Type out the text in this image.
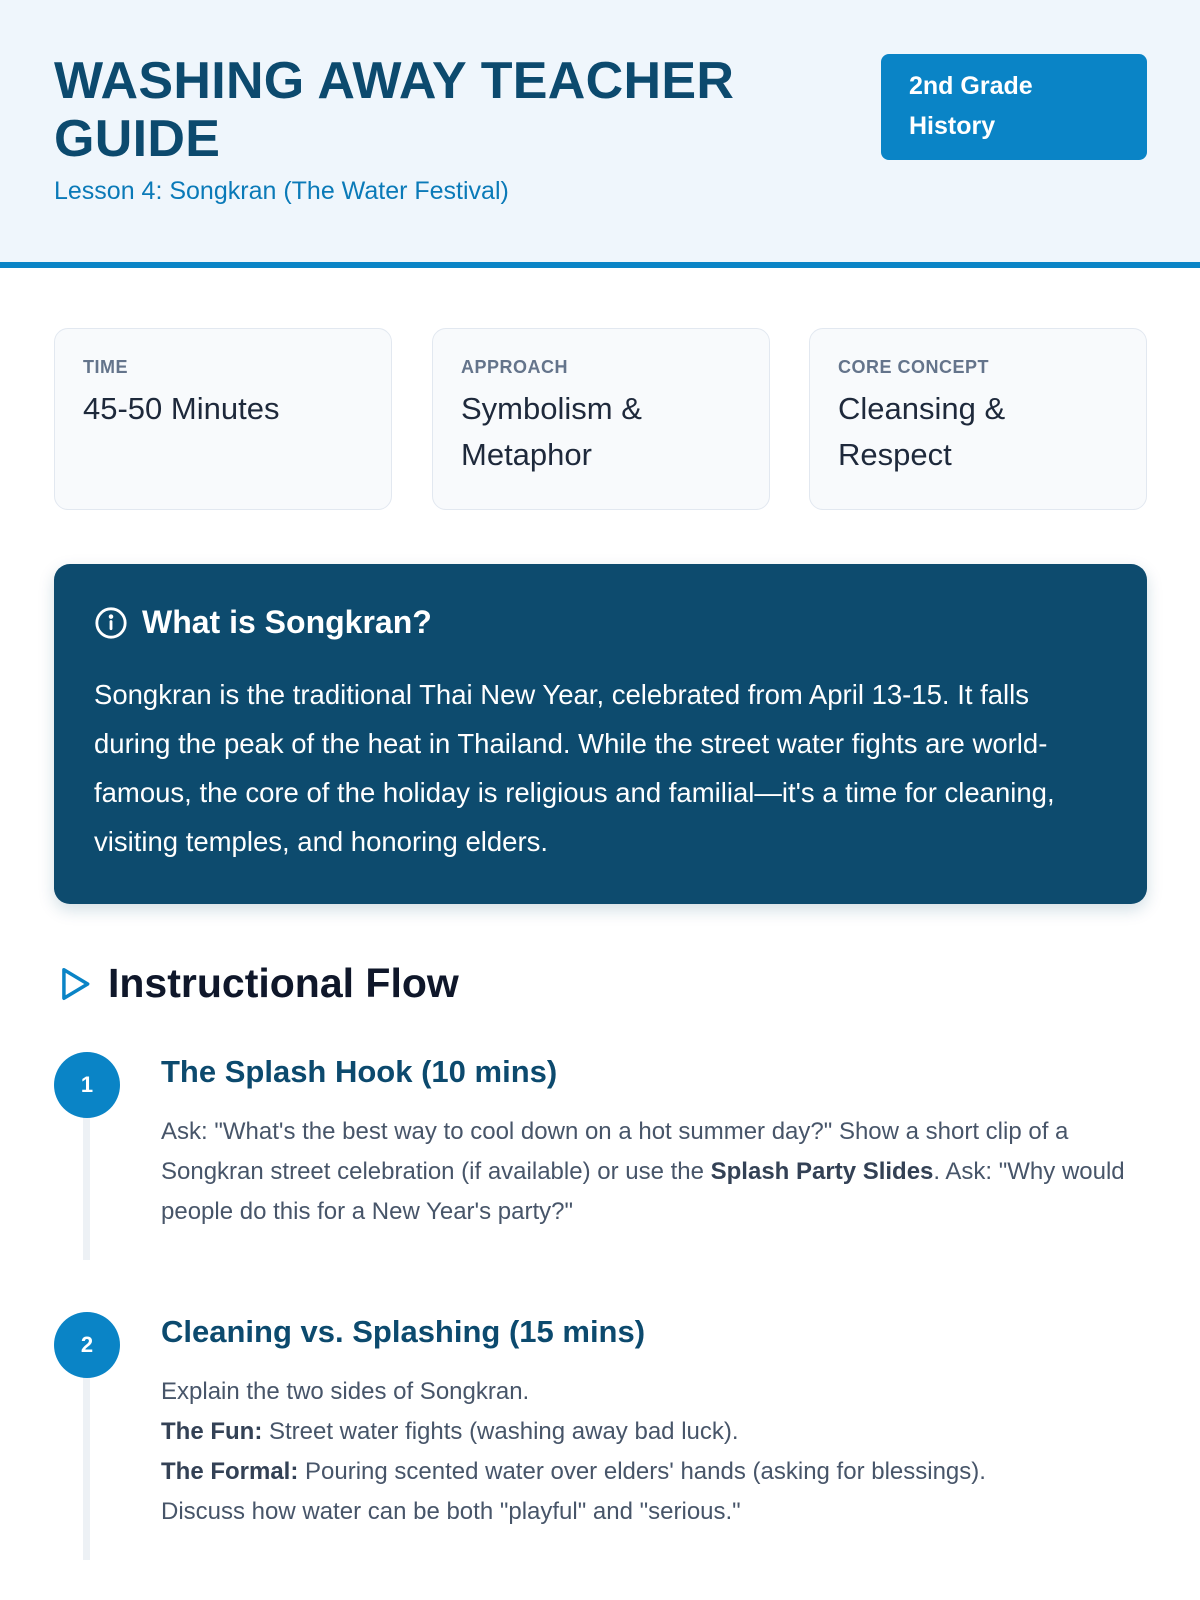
WASHING AWAY TEACHER GUIDE
Lesson 4: Songkran (The Water Festival)
2nd Grade History
TIME
45-50 Minutes
APPROACH
Symbolism & Metaphor
CORE CONCEPT
Cleansing & Respect
What is Songkran?
Songkran is the traditional Thai New Year, celebrated from April 13-15. It falls during the peak of the heat in Thailand. While the street water fights are world-famous, the core of the holiday is religious and familial—it's a time for cleaning, visiting temples, and honoring elders.
Instructional Flow
1	The Splash Hook (10 mins)
Ask: "What's the best way to cool down on a hot summer day?" Show a short clip of a Songkran street celebration (if available) or use the Splash Party Slides. Ask: "Why would people do this for a New Year's party?"
2	Cleaning vs. Splashing (15 mins)
Explain the two sides of Songkran.
The Fun: Street water fights (washing away bad luck).
The Formal: Pouring scented water over elders' hands (asking for blessings).
Discuss how water can be both "playful" and "serious."
